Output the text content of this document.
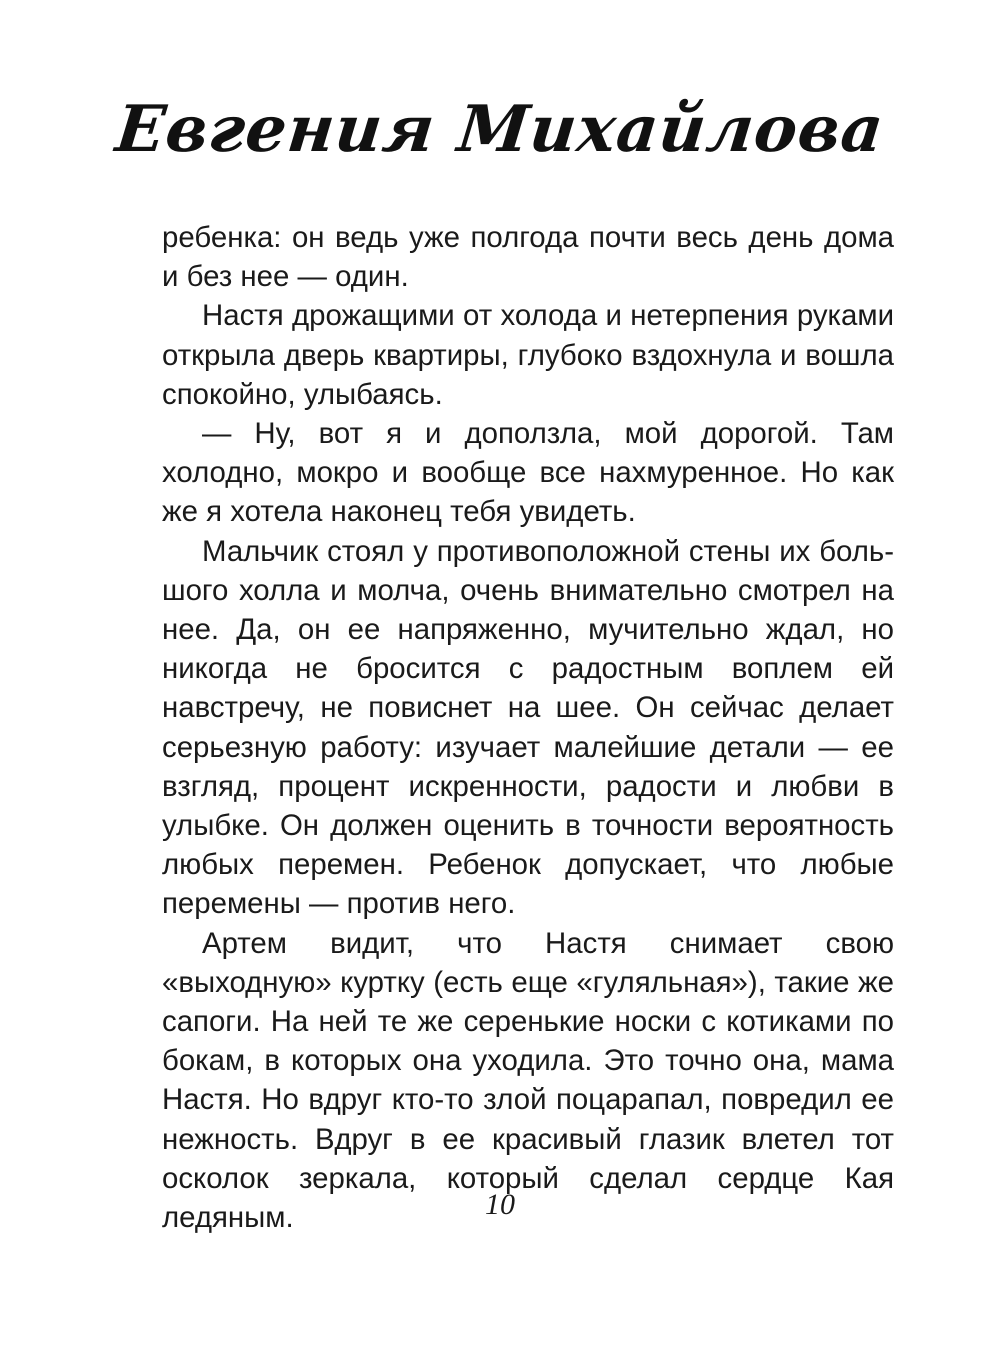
Евгения Михайлова

ребенка: он ведь уже полгода почти весь день дома и без нее — один.

Настя дрожащими от холода и нетерпения руками открыла дверь квартиры, глубоко вздохнула и вошла спокойно, улыбаясь.

— Ну, вот я и доползла, мой дорогой. Там холодно, мокро и вообще все нахмуренное. Но как же я хотела наконец тебя увидеть.

Мальчик стоял у противоположной стены их большого холла и молча, очень внимательно смотрел на нее. Да, он ее напряженно, мучительно ждал, но никогда не бросится с радостным воплем ей навстречу, не повиснет на шее. Он сейчас делает серьезную работу: изучает малейшие детали — ее взгляд, процент искренности, радости и любви в улыбке. Он должен оценить в точности вероятность любых перемен. Ребенок допускает, что любые перемены — против него.

Артем видит, что Настя снимает свою «выходную» куртку (есть еще «гуляльная»), такие же сапоги. На ней те же серенькие носки с котиками по бокам, в которых она уходила. Это точно она, мама Настя. Но вдруг кто-то злой поцарапал, повредил ее нежность. Вдруг в ее красивый глазик влетел тот осколок зеркала, который сделал сердце Кая ледяным.	10
